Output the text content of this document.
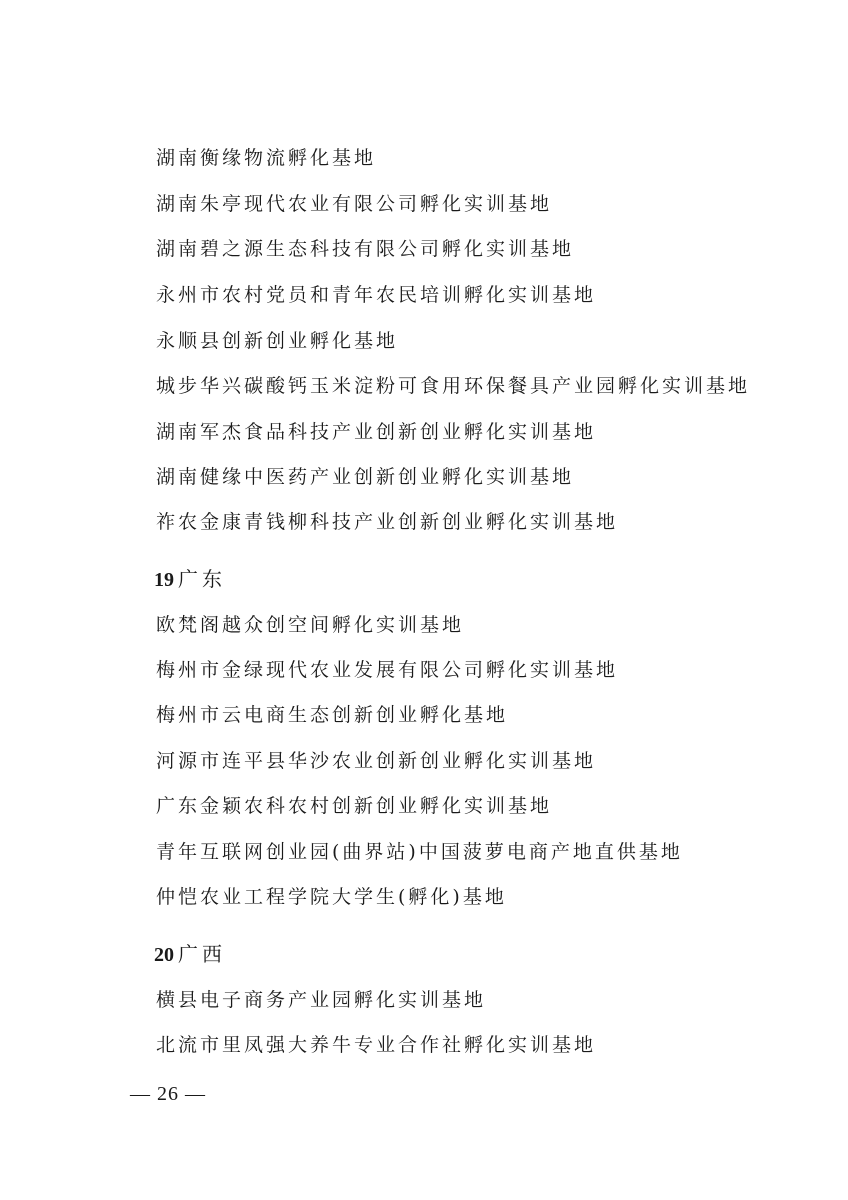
湖南衡缘物流孵化基地
湖南朱亭现代农业有限公司孵化实训基地
湖南碧之源生态科技有限公司孵化实训基地
永州市农村党员和青年农民培训孵化实训基地
永顺县创新创业孵化基地
城步华兴碳酸钙玉米淀粉可食用环保餐具产业园孵化实训基地
湖南军杰食品科技产业创新创业孵化实训基地
湖南健缘中医药产业创新创业孵化实训基地
祚农金康青钱柳科技产业创新创业孵化实训基地
19 广东
欧梵阁越众创空间孵化实训基地
梅州市金绿现代农业发展有限公司孵化实训基地
梅州市云电商生态创新创业孵化基地
河源市连平县华沙农业创新创业孵化实训基地
广东金颖农科农村创新创业孵化实训基地
青年互联网创业园(曲界站)中国菠萝电商产地直供基地
仲恺农业工程学院大学生(孵化)基地
20 广西
横县电子商务产业园孵化实训基地
北流市里凤强大养牛专业合作社孵化实训基地
— 26 —
